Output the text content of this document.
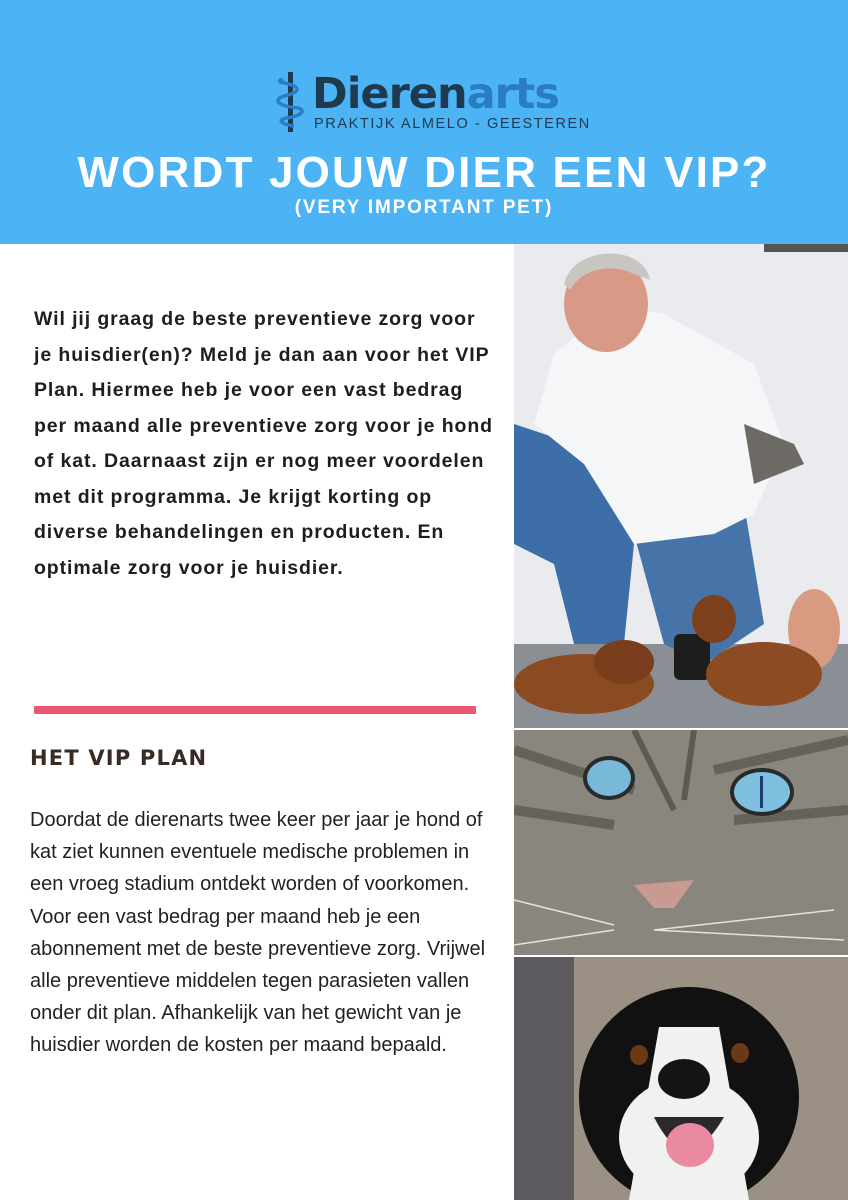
Dierenarts
PRAKTIJK ALMELO - GEESTEREN
WORDT JOUW DIER EEN VIP?
(VERY IMPORTANT PET)

Wil jij graag de beste preventieve zorg voor je huisdier(en)? Meld je dan aan voor het VIP Plan. Hiermee heb je voor een vast bedrag per maand alle preventieve zorg voor je hond of kat. Daarnaast zijn er nog meer voordelen met dit programma. Je krijgt korting op diverse behandelingen en producten. En optimale zorg voor je huisdier.

HET VIP PLAN

Doordat de dierenarts twee keer per jaar je hond of kat ziet kunnen eventuele medische problemen in een vroeg stadium ontdekt worden of voorkomen. Voor een vast bedrag per maand heb je een abonnement met de beste preventieve zorg. Vrijwel alle preventieve middelen tegen parasieten vallen onder dit plan. Afhankelijk van het gewicht van je huisdier worden de kosten per maand bepaald.
